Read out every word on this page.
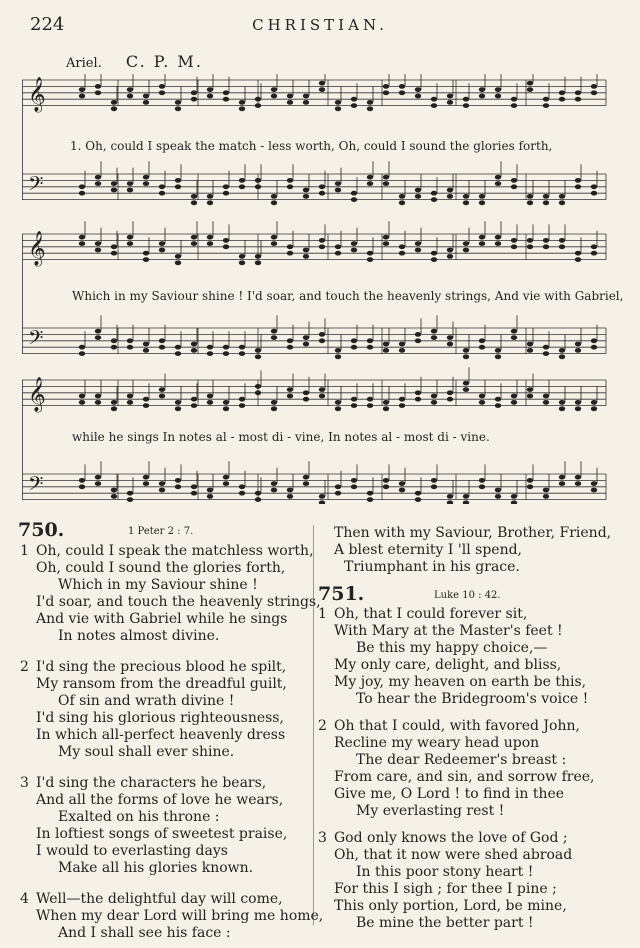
224	CHRISTIAN.
Ariel. C. P. M.
𝄞
𝄢
𝄞
𝄢
𝄞
𝄢
1. Oh, could I speak the match - less worth, Oh, could I sound the glories forth,
Which in my Saviour shine ! I'd soar, and touch the heavenly strings, And vie with Gabriel,
while he sings In notes al - most di - vine, In notes al - most di - vine.
750.	1 Peter 2 : 7.
1 Oh, could I speak the matchless worth,
Oh, could I sound the glories forth,
Which in my Saviour shine !
I'd soar, and touch the heavenly strings,
And vie with Gabriel while he sings
In notes almost divine.
2 I'd sing the precious blood he spilt,
My ransom from the dreadful guilt,
Of sin and wrath divine !
I'd sing his glorious righteousness,
In which all-perfect heavenly dress
My soul shall ever shine.
3 I'd sing the characters he bears,
And all the forms of love he wears,
Exalted on his throne :
In loftiest songs of sweetest praise,
I would to everlasting days
Make all his glories known.
4 Well—the delightful day will come,
When my dear Lord will bring me home,
And I shall see his face :
Then with my Saviour, Brother, Friend,
A blest eternity I 'll spend,
Triumphant in his grace.
751.	Luke 10 : 42.
1 Oh, that I could forever sit,
With Mary at the Master's feet !
Be this my happy choice,—
My only care, delight, and bliss,
My joy, my heaven on earth be this,
To hear the Bridegroom's voice !
2 Oh that I could, with favored John,
Recline my weary head upon
The dear Redeemer's breast :
From care, and sin, and sorrow free,
Give me, O Lord ! to find in thee
My everlasting rest !
3 God only knows the love of God ;
Oh, that it now were shed abroad
In this poor stony heart !
For this I sigh ; for thee I pine ;
This only portion, Lord, be mine,
Be mine the better part !
